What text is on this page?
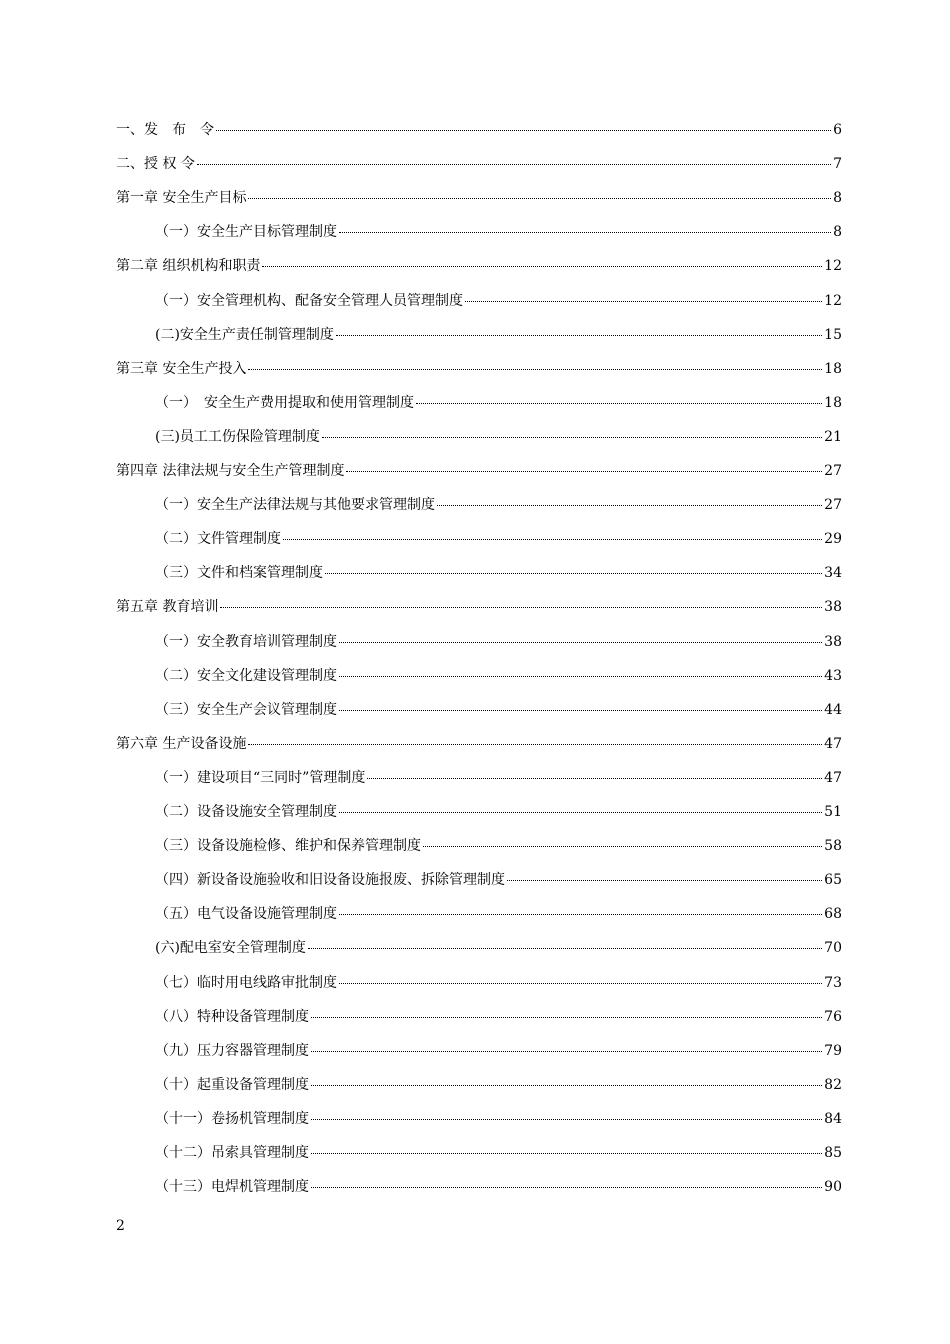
一、发　布　令	6
二、授 权 令	7
第一章 安全生产目标	8
（一）安全生产目标管理制度	8
第二章 组织机构和职责	12
（一）安全管理机构、配备安全管理人员管理制度	12
(二)安全生产责任制管理制度	15
第三章 安全生产投入	18
（一）　安全生产费用提取和使用管理制度	18
(三)员工工伤保险管理制度	21
第四章 法律法规与安全生产管理制度	27
（一）安全生产法律法规与其他要求管理制度	27
（二）文件管理制度	29
（三）文件和档案管理制度	34
第五章 教育培训	38
（一）安全教育培训管理制度	38
（二）安全文化建设管理制度	43
（三）安全生产会议管理制度	44
第六章 生产设备设施	47
（一）建设项目“三同时”管理制度	47
（二）设备设施安全管理制度	51
（三）设备设施检修、维护和保养管理制度	58
（四）新设备设施验收和旧设备设施报废、拆除管理制度	65
（五）电气设备设施管理制度	68
(六)配电室安全管理制度	70
（七）临时用电线路审批制度	73
（八）特种设备管理制度	76
（九）压力容器管理制度	79
（十）起重设备管理制度	82
（十一）卷扬机管理制度	84
（十二）吊索具管理制度	85
（十三）电焊机管理制度	90
2
